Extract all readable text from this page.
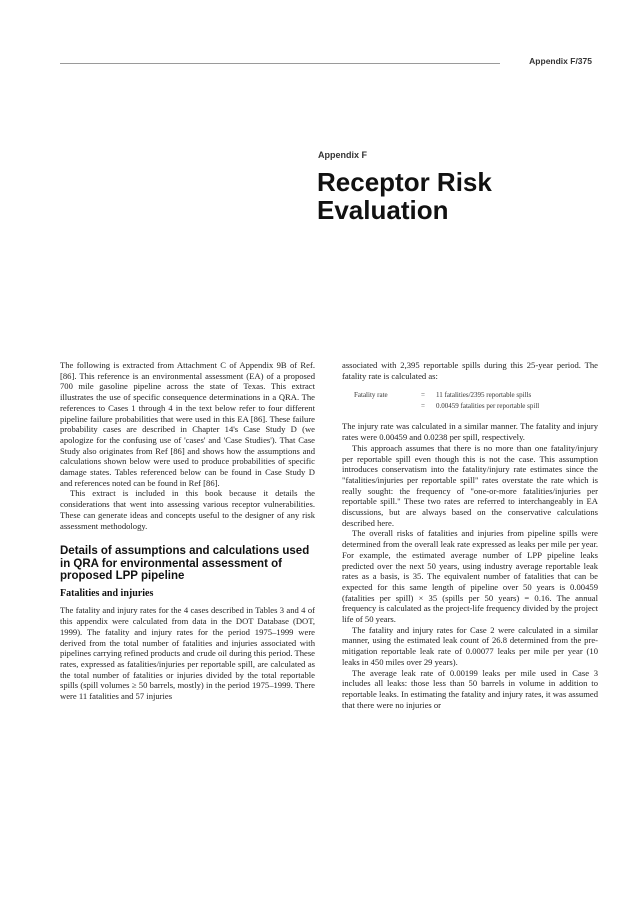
Appendix F/375
Appendix F
Receptor Risk
Evaluation

The following is extracted from Attachment C of Appendix 9B of Ref. [86]. This reference is an environmental assessment (EA) of a proposed 700 mile gasoline pipeline across the state of Texas. This extract illustrates the use of specific consequence determinations in a QRA. The references to Cases 1 through 4 in the text below refer to four different pipeline failure probabilities that were used in this EA [86]. These failure probability cases are described in Chapter 14's Case Study D (we apologize for the confusing use of 'cases' and 'Case Studies'). That Case Study also originates from Ref [86] and shows how the assumptions and calculations shown below were used to produce probabilities of specific damage states. Tables referenced below can be found in Case Study D and references noted can be found in Ref [86].

This extract is included in this book because it details the considerations that went into assessing various receptor vulnerabilities. These can generate ideas and concepts useful to the designer of any risk assessment methodology.

Details of assumptions and calculations used in QRA for environmental assessment of proposed LPP pipeline
Fatalities and injuries

The fatality and injury rates for the 4 cases described in Tables 3 and 4 of this appendix were calculated from data in the DOT Database (DOT, 1999). The fatality and injury rates for the period 1975–1999 were derived from the total number of fatalities and injuries associated with pipelines carrying refined products and crude oil during this period. These rates, expressed as fatalities/injuries per reportable spill, are calculated as the total number of fatalities or injuries divided by the total reportable spills (spill volumes ≥ 50 barrels, mostly) in the period 1975–1999. There were 11 fatalities and 57 injuries

associated with 2,395 reportable spills during this 25-year period. The fatality rate is calculated as:

Fatality rate	=	11 fatalities/2395 reportable spills
	=	0.00459 fatalities per reportable spill

The injury rate was calculated in a similar manner. The fatality and injury rates were 0.00459 and 0.0238 per spill, respectively.

This approach assumes that there is no more than one fatality/injury per reportable spill even though this is not the case. This assumption introduces conservatism into the fatality/injury rate estimates since the "fatalities/injuries per reportable spill" rates overstate the rate which is really sought: the frequency of "one-or-more fatalities/injuries per reportable spill." These two rates are referred to interchangeably in EA discussions, but are always based on the conservative calculations described here.

The overall risks of fatalities and injuries from pipeline spills were determined from the overall leak rate expressed as leaks per mile per year. For example, the estimated average number of LPP pipeline leaks predicted over the next 50 years, using industry average reportable leak rates as a basis, is 35. The equivalent number of fatalities that can be expected for this same length of pipeline over 50 years is 0.00459 (fatalities per spill) × 35 (spills per 50 years) = 0.16. The annual frequency is calculated as the project-life frequency divided by the project life of 50 years.

The fatality and injury rates for Case 2 were calculated in a similar manner, using the estimated leak count of 26.8 determined from the pre-mitigation reportable leak rate of 0.00077 leaks per mile per year (10 leaks in 450 miles over 29 years).

The average leak rate of 0.00199 leaks per mile used in Case 3 includes all leaks: those less than 50 barrels in volume in addition to reportable leaks. In estimating the fatality and injury rates, it was assumed that there were no injuries or
